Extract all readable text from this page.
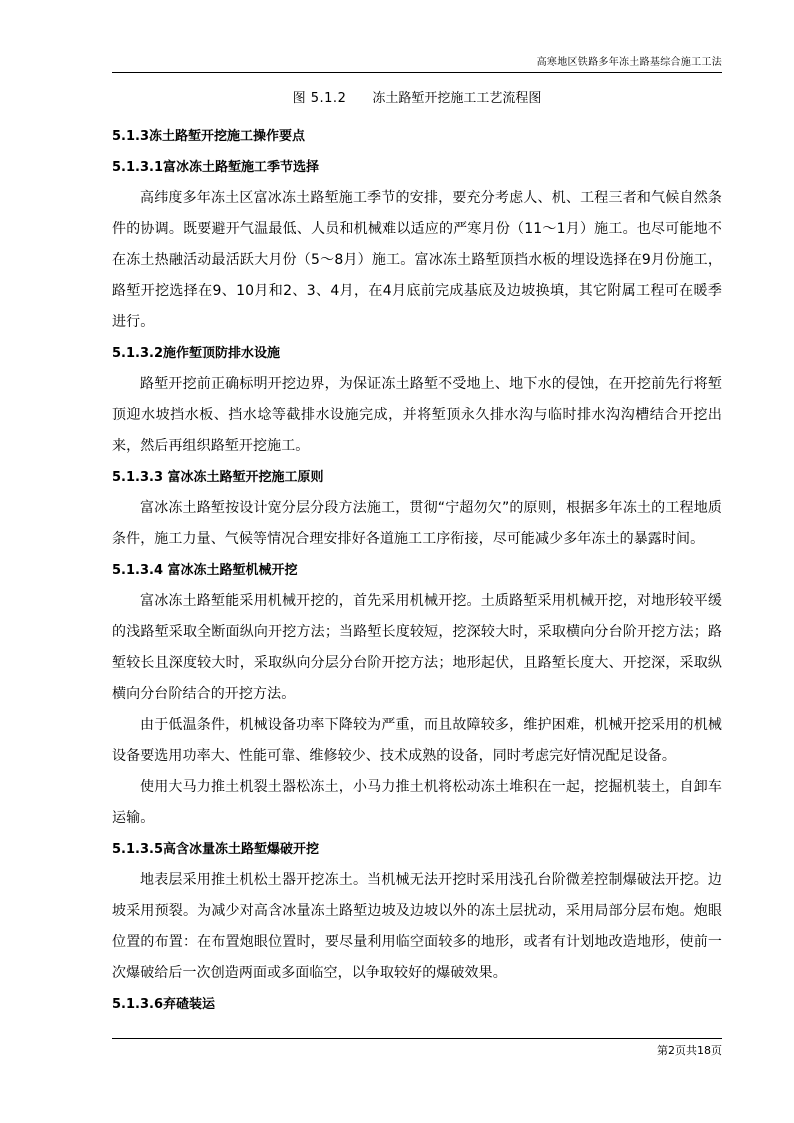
高寒地区铁路多年冻土路基综合施工工法
图 5.1.2 冻土路堑开挖施工工艺流程图
5.1.3冻土路堑开挖施工操作要点
5.1.3.1富冰冻土路堑施工季节选择

高纬度多年冻土区富冰冻土路堑施工季节的安排，要充分考虑人、机、工程三者和气候自然条件的协调。既要避开气温最低、人员和机械难以适应的严寒月份（11～1月）施工。也尽可能地不在冻土热融活动最活跃大月份（5～8月）施工。富冰冻土路堑顶挡水板的埋设选择在9月份施工，路堑开挖选择在9、10月和2、3、4月，在4月底前完成基底及边坡换填，其它附属工程可在暖季进行。

5.1.3.2施作堑顶防排水设施

路堑开挖前正确标明开挖边界，为保证冻土路堑不受地上、地下水的侵蚀，在开挖前先行将堑顶迎水坡挡水板、挡水埝等截排水设施完成，并将堑顶永久排水沟与临时排水沟沟槽结合开挖出来，然后再组织路堑开挖施工。

5.1.3.3 富冰冻土路堑开挖施工原则

富冰冻土路堑按设计宽分层分段方法施工，贯彻“宁超勿欠”的原则，根据多年冻土的工程地质条件，施工力量、气候等情况合理安排好各道施工工序衔接，尽可能减少多年冻土的暴露时间。

5.1.3.4 富冰冻土路堑机械开挖

富冰冻土路堑能采用机械开挖的，首先采用机械开挖。土质路堑采用机械开挖，对地形较平缓的浅路堑采取全断面纵向开挖方法；当路堑长度较短，挖深较大时，采取横向分台阶开挖方法；路堑较长且深度较大时，采取纵向分层分台阶开挖方法；地形起伏，且路堑长度大、开挖深，采取纵横向分台阶结合的开挖方法。

由于低温条件，机械设备功率下降较为严重，而且故障较多，维护困难，机械开挖采用的机械设备要选用功率大、性能可靠、维修较少、技术成熟的设备，同时考虑完好情况配足设备。

使用大马力推土机裂土器松冻土，小马力推土机将松动冻土堆积在一起，挖掘机装土，自卸车运输。

5.1.3.5高含冰量冻土路堑爆破开挖

地表层采用推土机松土器开挖冻土。当机械无法开挖时采用浅孔台阶微差控制爆破法开挖。边坡采用预裂。为减少对高含冰量冻土路堑边坡及边坡以外的冻土层扰动，采用局部分层布炮。炮眼位置的布置：在布置炮眼位置时，要尽量利用临空面较多的地形，或者有计划地改造地形，使前一次爆破给后一次创造两面或多面临空，以争取较好的爆破效果。

5.1.3.6弃碴装运
第2页共18页
